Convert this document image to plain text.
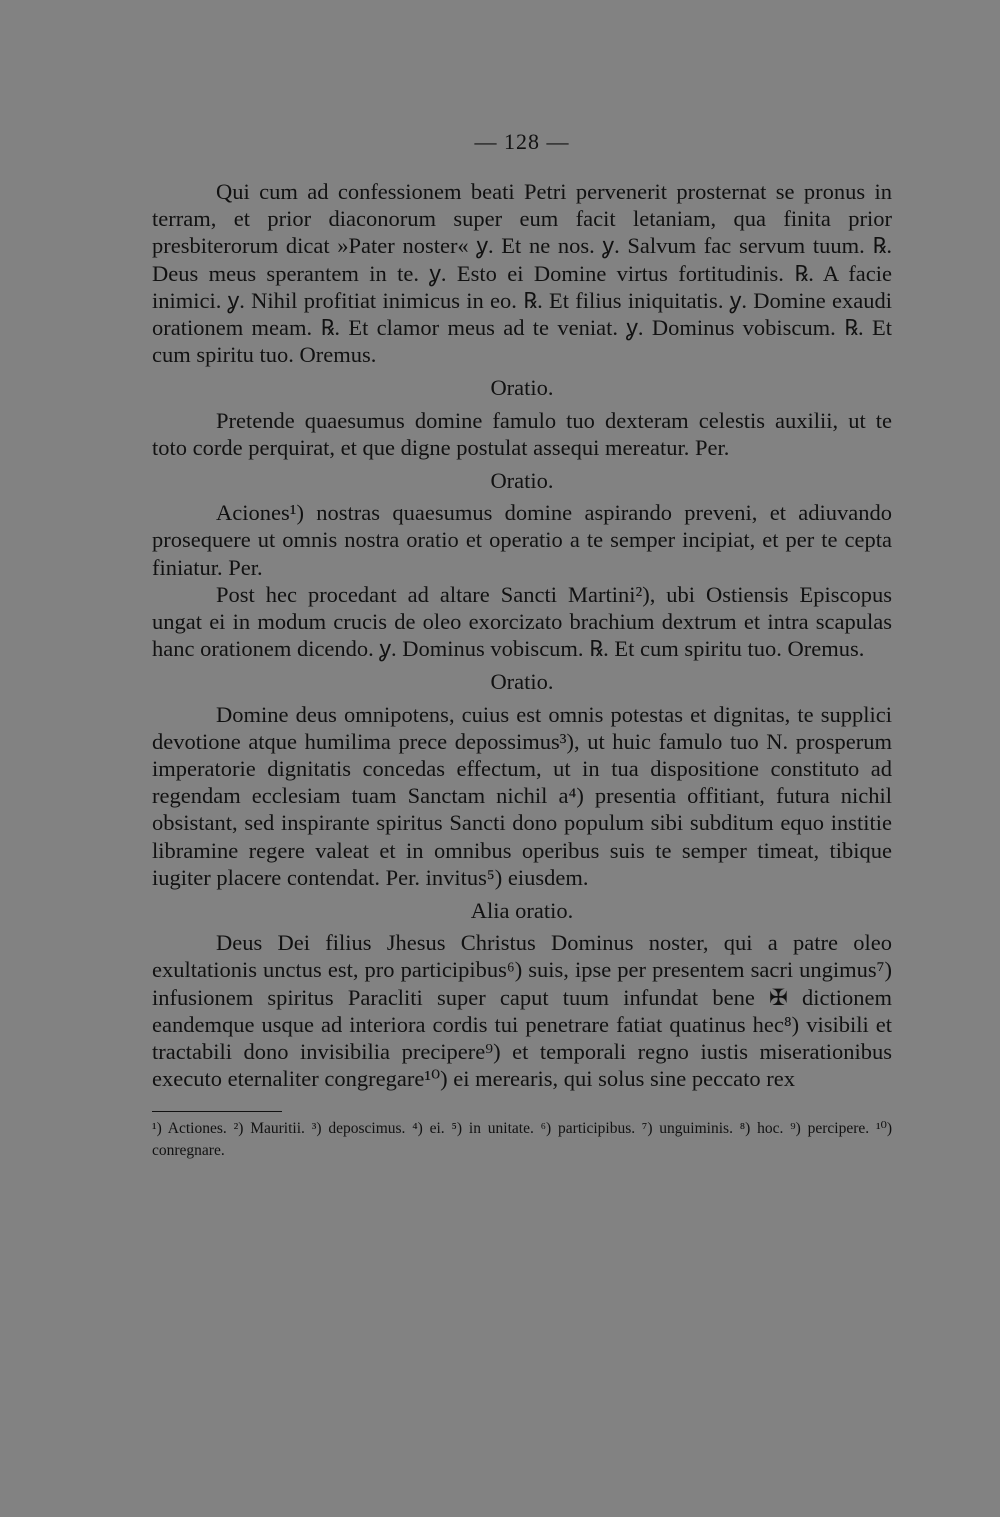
— 128 —

Qui cum ad confessionem beati Petri pervenerit prosternat se pronus in terram, et prior diaconorum super eum facit letaniam, qua finita prior presbiterorum dicat »Pater noster« ỿ. Et ne nos. ỿ. Salvum fac servum tuum. ℞. Deus meus sperantem in te. ỿ. Esto ei Domine virtus fortitudinis. ℞. A facie inimici. ỿ. Nihil profitiat inimicus in eo. ℞. Et filius iniquitatis. ỿ. Domine exaudi orationem meam. ℞. Et clamor meus ad te veniat. ỿ. Dominus vobiscum. ℞. Et cum spiritu tuo. Oremus.

Oratio.

Pretende quaesumus domine famulo tuo dexteram celestis auxilii, ut te toto corde perquirat, et que digne postulat assequi mereatur. Per.

Oratio.

Aciones¹) nostras quaesumus domine aspirando preveni, et adiuvando prosequere ut omnis nostra oratio et operatio a te semper incipiat, et per te cepta finiatur. Per.

Post hec procedant ad altare Sancti Martini²), ubi Ostiensis Episcopus ungat ei in modum crucis de oleo exorcizato brachium dextrum et intra scapulas hanc orationem dicendo. ỿ. Dominus vobiscum. ℞. Et cum spiritu tuo. Oremus.

Oratio.

Domine deus omnipotens, cuius est omnis potestas et dignitas, te supplici devotione atque humilima prece depossimus³), ut huic famulo tuo N. prosperum imperatorie dignitatis concedas effectum, ut in tua dispositione constituto ad regendam ecclesiam tuam Sanctam nichil a⁴) presentia offitiant, futura nichil obsistant, sed inspirante spiritus Sancti dono populum sibi subditum equo institie libramine regere valeat et in omnibus operibus suis te semper timeat, tibique iugiter placere contendat. Per. invitus⁵) eiusdem.

Alia oratio.

Deus Dei filius Jhesus Christus Dominus noster, qui a patre oleo exultationis unctus est, pro participibus⁶) suis, ipse per presentem sacri ungimus⁷) infusionem spiritus Paracliti super caput tuum infundat bene ✠ dictionem eandemque usque ad interiora cordis tui penetrare fatiat quatinus hec⁸) visibili et tractabili dono invisibilia precipere⁹) et temporali regno iustis miserationibus executo eternaliter congregare¹⁰) ei merearis, qui solus sine peccato rex

¹) Actiones. ²) Mauritii. ³) deposcimus. ⁴) ei. ⁵) in unitate. ⁶) participibus. ⁷) unguiminis. ⁸) hoc. ⁹) percipere. ¹⁰) conregnare.
